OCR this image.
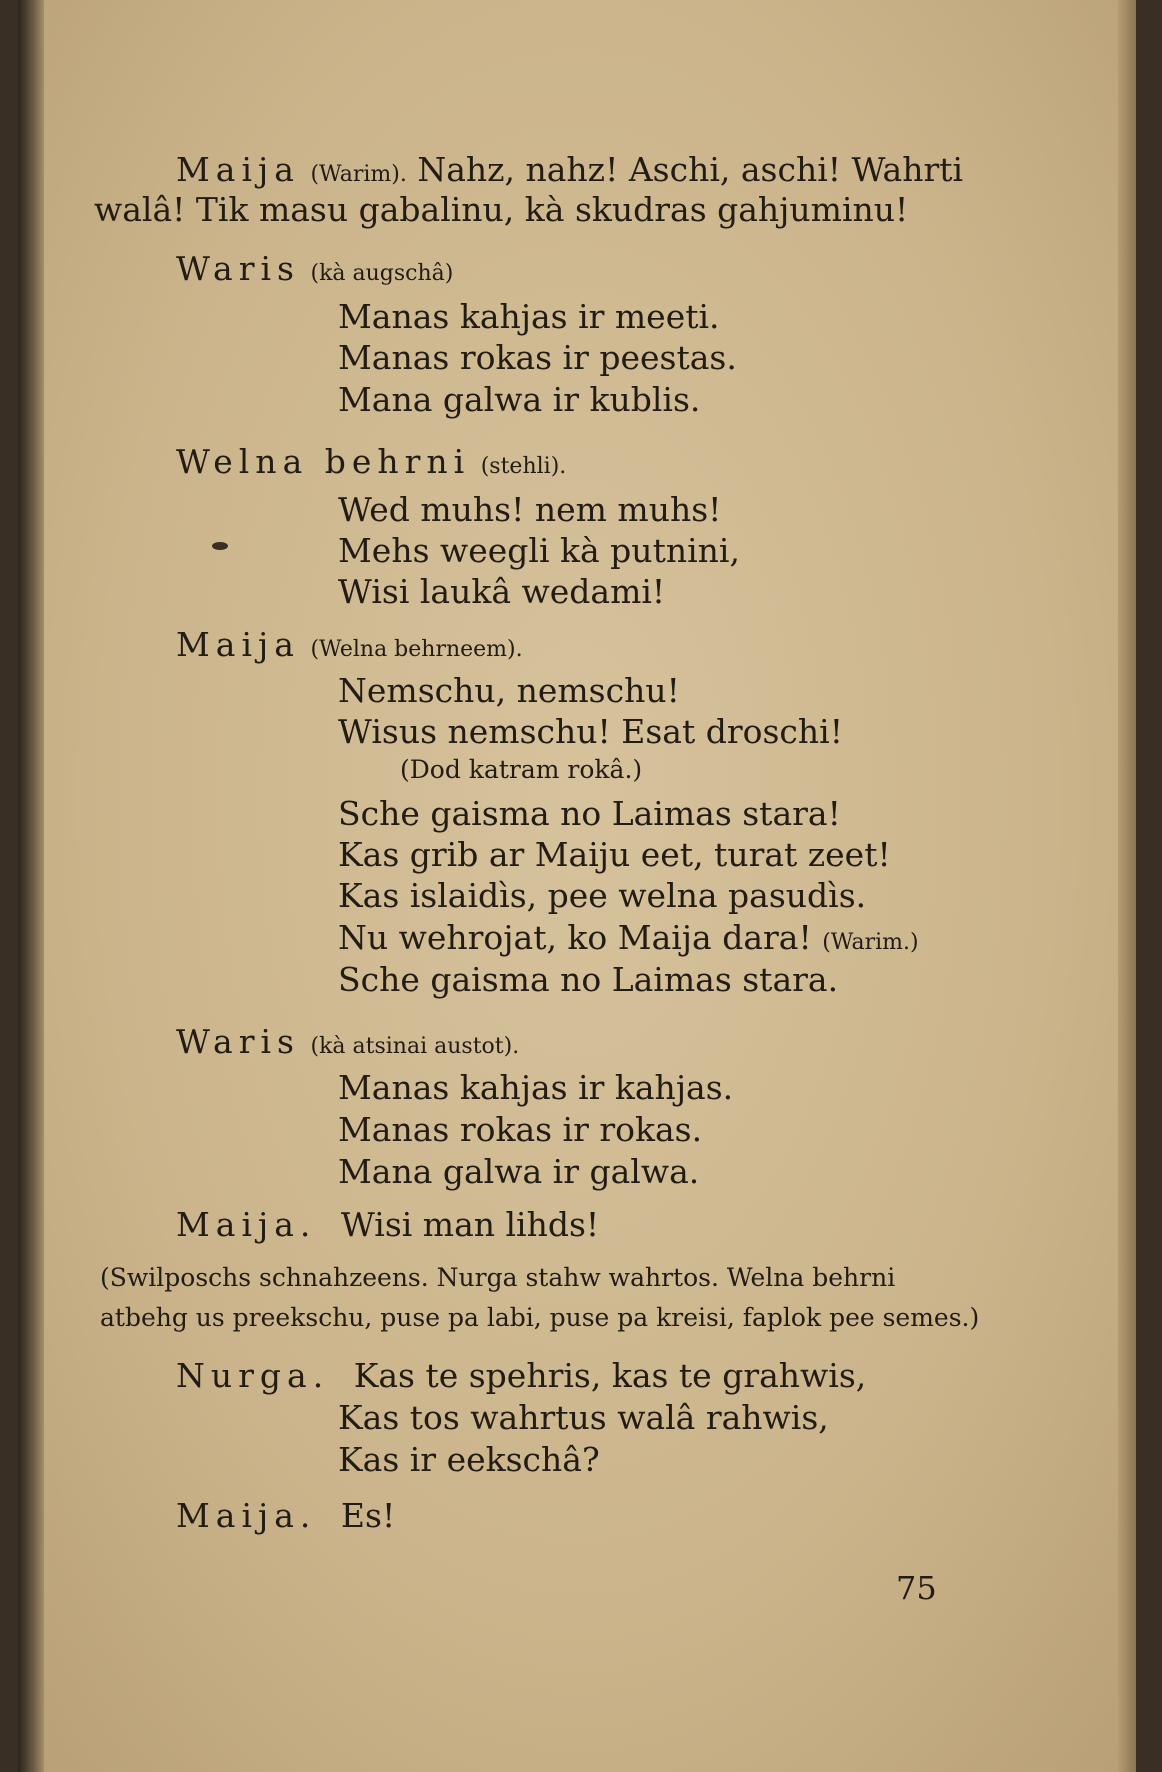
Maija (Warim). Nahz, nahz! Aschi, aschi! Wahrti
walâ! Tik masu gabalinu, kà skudras gahjuminu!
Waris (kà augschâ)
Manas kahjas ir meeti.
Manas rokas ir peestas.
Mana galwa ir kublis.
Welna behrni (stehli).
Wed muhs! nem muhs!
Mehs weegli kà putnini,
Wisi laukâ wedami!
Maija (Welna behrneem).
Nemschu, nemschu!
Wisus nemschu! Esat droschi!
(Dod katram rokâ.)
Sche gaisma no Laimas stara!
Kas grib ar Maiju eet, turat zeet!
Kas islaidìs, pee welna pasudìs.
Nu wehrojat, ko Maija dara! (Warim.)
Sche gaisma no Laimas stara.
Waris (kà atsinai austot).
Manas kahjas ir kahjas.
Manas rokas ir rokas.
Mana galwa ir galwa.
Maija. Wisi man lihds!
(Swilposchs schnahzeens. Nurga stahw wahrtos. Welna behrni
atbehg us preekschu, puse pa labi, puse pa kreisi, faplok pee semes.)
Nurga. Kas te spehris, kas te grahwis,
Kas tos wahrtus walâ rahwis,
Kas ir eekschâ?
Maija. Es!
75
